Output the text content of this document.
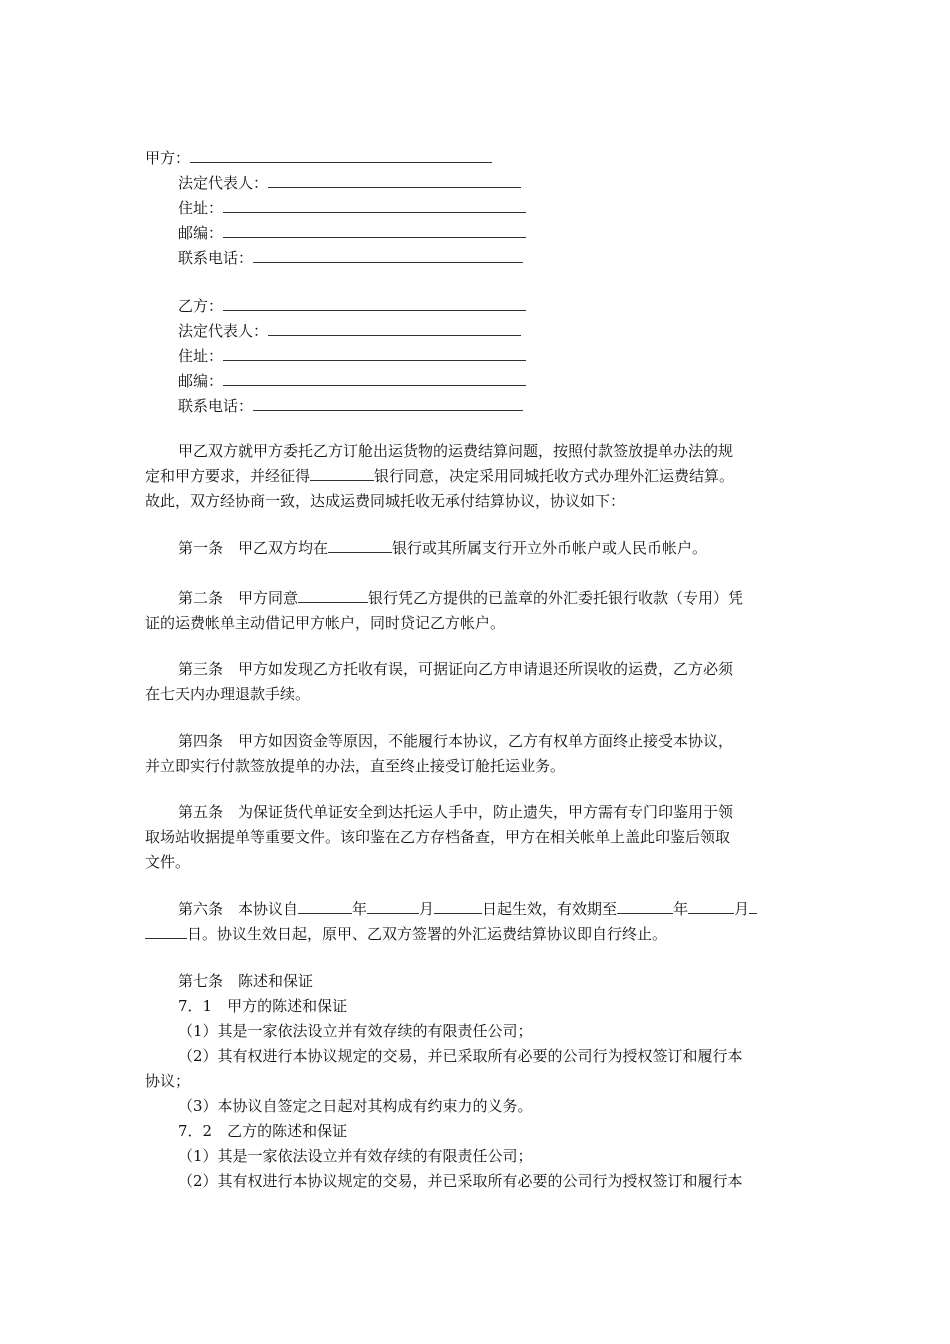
甲方：
法定代表人：
住址：
邮编：
联系电话：
乙方：
法定代表人：
住址：
邮编：
联系电话：
甲乙双方就甲方委托乙方订舱出运货物的运费结算问题，按照付款签放提单办法的规
定和甲方要求，并经征得	银行同意，决定采用同城托收方式办理外汇运费结算。
故此，双方经协商一致，达成运费同城托收无承付结算协议，协议如下：
第一条　甲乙双方均在	银行或其所属支行开立外币帐户或人民币帐户。
第二条　甲方同意	银行凭乙方提供的已盖章的外汇委托银行收款（专用）凭
证的运费帐单主动借记甲方帐户，同时贷记乙方帐户。
第三条　甲方如发现乙方托收有误，可据证向乙方申请退还所误收的运费，乙方必须
在七天内办理退款手续。
第四条　甲方如因资金等原因，不能履行本协议，乙方有权单方面终止接受本协议，
并立即实行付款签放提单的办法，直至终止接受订舱托运业务。
第五条　为保证货代单证安全到达托运人手中，防止遗失，甲方需有专门印鉴用于领
取场站收据提单等重要文件。该印鉴在乙方存档备查，甲方在相关帐单上盖此印鉴后领取
文件。
第六条　本协议自	年	月	日起生效，有效期至	年	月
日。协议生效日起，原甲、乙双方签署的外汇运费结算协议即自行终止。
第七条　陈述和保证
7．1　甲方的陈述和保证
（1）其是一家依法设立并有效存续的有限责任公司；
（2）其有权进行本协议规定的交易，并已采取所有必要的公司行为授权签订和履行本
协议；
（3）本协议自签定之日起对其构成有约束力的义务。
7．2　乙方的陈述和保证
（1）其是一家依法设立并有效存续的有限责任公司；
（2）其有权进行本协议规定的交易，并已采取所有必要的公司行为授权签订和履行本
